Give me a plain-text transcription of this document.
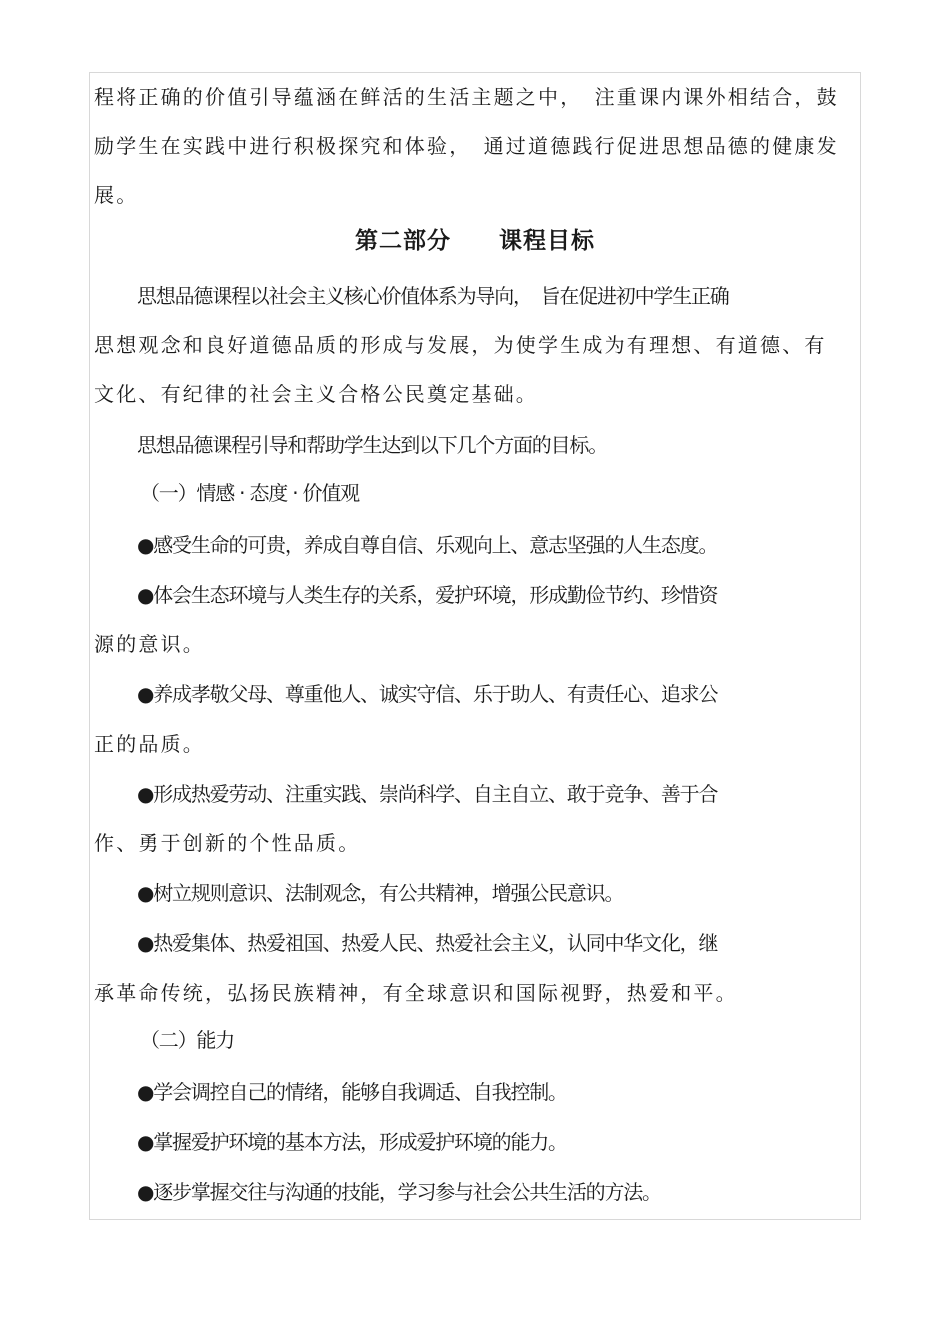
程将正确的价值引导蕴涵在鲜活的生活主题之中，　注重课内课外相结合，鼓
励学生在实践中进行积极探究和体验，　通过道德践行促进思想品德的健康发
展。
第二部分　　课程目标
思想品德课程以社会主义核心价值体系为导向，　旨在促进初中学生正确
思想观念和良好道德品质的形成与发展，为使学生成为有理想、有道德、有
文化、有纪律的社会主义合格公民奠定基础。
思想品德课程引导和帮助学生达到以下几个方面的目标。
（一）情感 · 态度 · 价值观
●感受生命的可贵，养成自尊自信、乐观向上、意志坚强的人生态度。
●体会生态环境与人类生存的关系，爱护环境，形成勤俭节约、珍惜资
源的意识。
●养成孝敬父母、尊重他人、诚实守信、乐于助人、有责任心、追求公
正的品质。
●形成热爱劳动、注重实践、崇尚科学、自主自立、敢于竞争、善于合
作、勇于创新的个性品质。
●树立规则意识、法制观念，有公共精神，增强公民意识。
●热爱集体、热爱祖国、热爱人民、热爱社会主义，认同中华文化，继
承革命传统，弘扬民族精神，有全球意识和国际视野，热爱和平。
（二）能力
●学会调控自己的情绪，能够自我调适、自我控制。
●掌握爱护环境的基本方法，形成爱护环境的能力。
●逐步掌握交往与沟通的技能，学习参与社会公共生活的方法。
